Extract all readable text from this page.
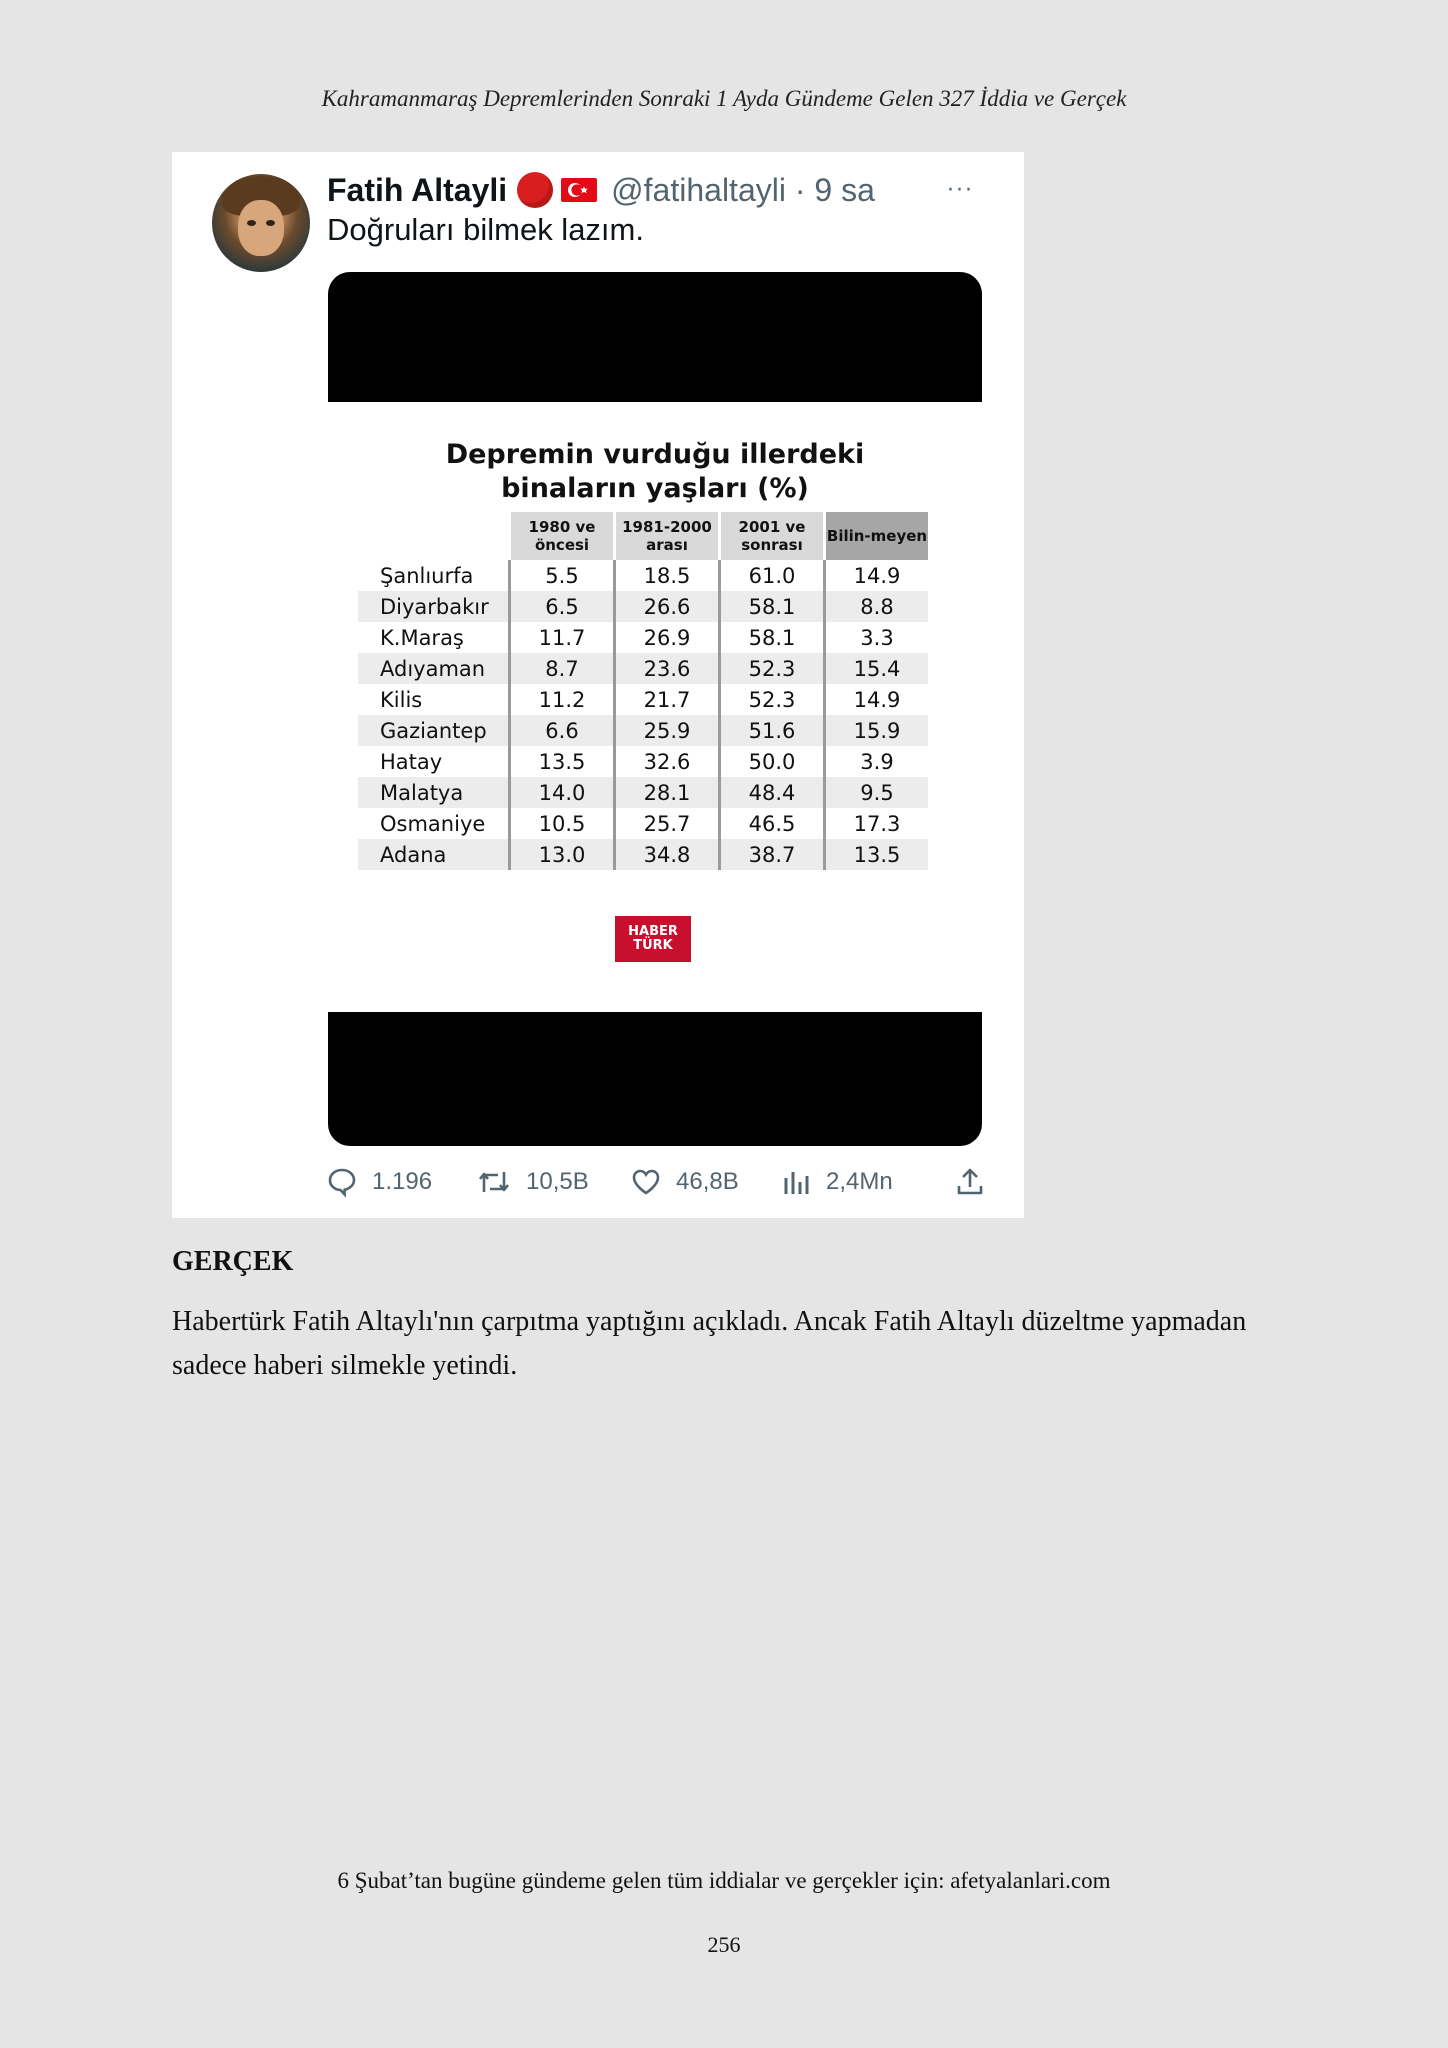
Kahramanmaraş Depremlerinden Sonraki 1 Ayda Gündeme Gelen 327 İddia ve Gerçek
Fatih Altayli	@fatihaltayli · 9 sa	···
Doğruları bilmek lazım.
Depremin vurduğu illerdeki
binaların yaşları (%)
	1980 ve öncesi	1981-2000 arası	2001 ve sonrası	Bilin-meyen
Şanlıurfa	5.5	18.5	61.0	14.9
Diyarbakır	6.5	26.6	58.1	8.8
K.Maraş	11.7	26.9	58.1	3.3
Adıyaman	8.7	23.6	52.3	15.4
Kilis	11.2	21.7	52.3	14.9
Gaziantep	6.6	25.9	51.6	15.9
Hatay	13.5	32.6	50.0	3.9
Malatya	14.0	28.1	48.4	9.5
Osmaniye	10.5	25.7	46.5	17.3
Adana	13.0	34.8	38.7	13.5
HABER
TÜRK
1.196	10,5B	46,8B	2,4Mn
GERÇEK
Habertürk Fatih Altaylı'nın çarpıtma yaptığını açıkladı. Ancak Fatih Altaylı düzeltme yapmadan sadece haberi silmekle yetindi.
6 Şubat’tan bugüne gündeme gelen tüm iddialar ve gerçekler için: afetyalanlari.com
256
